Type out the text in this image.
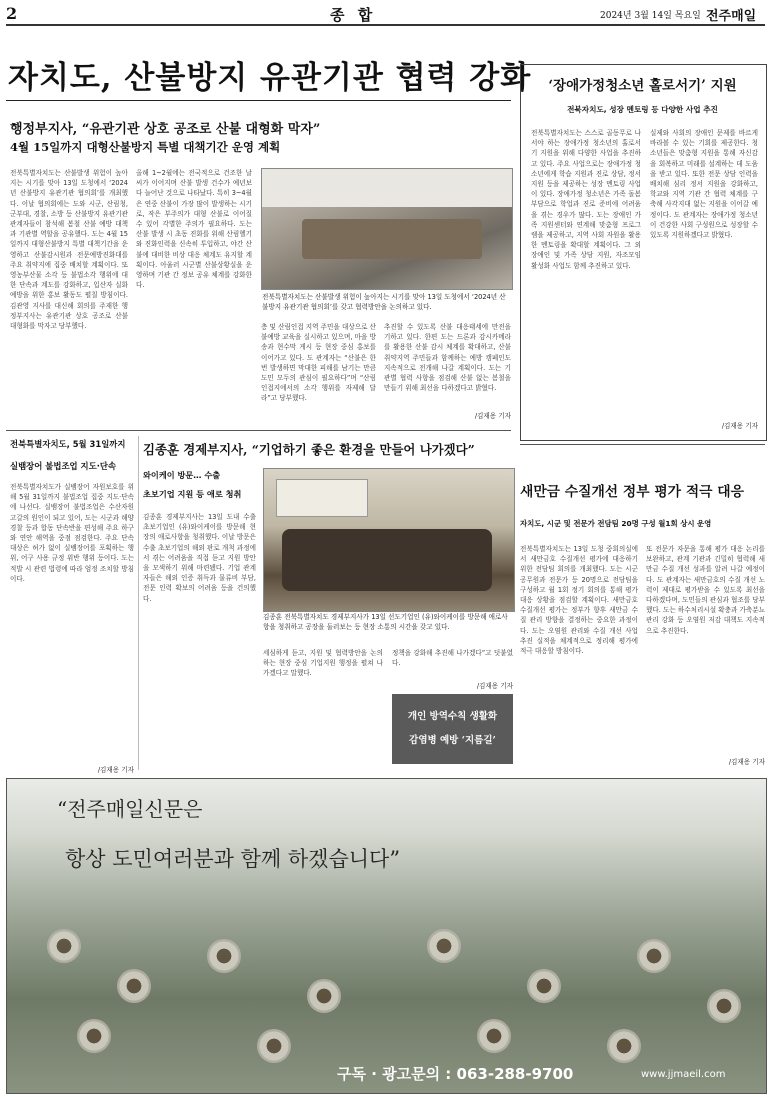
2	종 합	2024년 3월 14일 목요일 전주매일
자치도, 산불방지 유관기관 협력 강화
행정부지사, “유관기관 상호 공조로 산불 대형화 막자”
4월 15일까지 대형산불방지 특별 대책기간 운영 계획
전북특별자치도는 산불발생 위험이 높아지는 시기를 맞아 13일 도청에서 ‘2024년 산불방지 유관기관 협의회’를 개최했다. 이날 협의회에는 도와 시군, 산림청, 군부대, 경찰, 소방 등 산불방지 유관기관 관계자들이 참석해 봄철 산불 예방 대책과 기관별 역할을 공유했다. 도는 4월 15일까지 대형산불방지 특별 대책기간을 운영하고 산불감시원과 전문예방진화대를 주요 취약지에 집중 배치할 계획이다. 또 영농부산물 소각 등 불법소각 행위에 대한 단속과 계도를 강화하고, 입산자 실화 예방을 위한 홍보 활동도 펼칠 방침이다. 김관영 지사를 대신해 회의를 주재한 행정부지사는 유관기관 상호 공조로 산불 대형화를 막자고 당부했다.
올해 1~2월에는 전국적으로 건조한 날씨가 이어지며 산불 발생 건수가 예년보다 늘어난 것으로 나타났다. 특히 3~4월은 연중 산불이 가장 많이 발생하는 시기로, 작은 부주의가 대형 산불로 이어질 수 있어 각별한 주의가 필요하다. 도는 산불 발생 시 초동 진화를 위해 산림헬기와 진화인력을 신속히 투입하고, 야간 산불에 대비한 비상 대응 체계도 유지할 계획이다. 아울러 시군별 산불상황실을 운영하며 기관 간 정보 공유 체계를 강화한다.
전북특별자치도는 산불발생 위험이 높아지는 시기를 맞아 13일 도청에서 ‘2024년 산불방지 유관기관 협의회’를 갖고 협력방안을 논의하고 있다.
층 및 산림인접 지역 주민을 대상으로 산불예방 교육을 실시하고 있으며, 마을 방송과 현수막 게시 등 현장 중심 홍보를 이어가고 있다. 도 관계자는 “산불은 한 번 발생하면 막대한 피해를 남기는 만큼 도민 모두의 관심이 필요하다”며 “산림 인접지에서의 소각 행위를 자제해 달라”고 당부했다.
추진할 수 있도록 산불 대응태세에 만전을 기하고 있다. 한편 도는 드론과 감시카메라를 활용한 산불 감시 체계를 확대하고, 산불 취약지역 주민들과 함께하는 예방 캠페인도 지속적으로 전개해 나갈 계획이다. 도는 기관별 협력 사항을 점검해 산불 없는 봄철을 만들기 위해 최선을 다하겠다고 밝혔다.
/김재용 기자
‘장애가정청소년 홀로서기’ 지원
전북자치도, 성장 멘토링 등 다양한 사업 추진
전북특별자치도는 스스로 골동무로 나서야 하는 장애가정 청소년의 홀로서기 지원을 위해 다양한 사업을 추진하고 있다. 주요 사업으로는 장애가정 청소년에게 학습 지원과 진로 상담, 정서 지원 등을 제공하는 성장 멘토링 사업이 있다. 장애가정 청소년은 가족 돌봄 부담으로 학업과 진로 준비에 어려움을 겪는 경우가 많다. 도는 장애인 가족 지원센터와 연계해 맞춤형 프로그램을 제공하고, 지역 사회 자원을 활용한 멘토링을 확대할 계획이다. 그 외 장애인 및 가족 상담 지원, 자조모임 활성화 사업도 함께 추진하고 있다.
실제와 사회의 장애인 문제를 바르게 바라볼 수 있는 기회를 제공한다. 청소년들은 맞춤형 지원을 통해 자신감을 회복하고 미래를 설계하는 데 도움을 받고 있다. 또한 전문 상담 인력을 배치해 심리 정서 지원을 강화하고, 학교와 지역 기관 간 협력 체계를 구축해 사각지대 없는 지원을 이어갈 예정이다. 도 관계자는 장애가정 청소년이 건강한 사회 구성원으로 성장할 수 있도록 지원하겠다고 밝혔다.
/김재용 기자
전북특별자치도, 5월 31일까지
실뱀장어 불법조업 지도·단속
전북특별자치도가 실뱀장어 자원보호를 위해 5월 31일까지 불법조업 집중 지도·단속에 나선다. 실뱀장어 불법조업은 수산자원 고갈의 원인이 되고 있어, 도는 시군과 해양경찰 등과 합동 단속반을 편성해 주요 하구와 연안 해역을 중점 점검한다. 주요 단속 대상은 허가 없이 실뱀장어를 포획하는 행위, 어구 사용 규정 위반 행위 등이다. 도는 적발 시 관련 법령에 따라 엄정 조치할 방침이다.
/김재용 기자
김종훈 경제부지사, “기업하기 좋은 환경을 만들어 나가겠다”
와이케이 방문… 수출
초보기업 지원 등 애로 청취
김종훈 경제부지사는 13일 도내 수출 초보기업인 (유)와이케이를 방문해 현장의 애로사항을 청취했다. 이날 방문은 수출 초보기업의 해외 판로 개척 과정에서 겪는 어려움을 직접 듣고 지원 방안을 모색하기 위해 마련됐다. 기업 관계자들은 해외 인증 취득과 물류비 부담, 전문 인력 확보의 어려움 등을 건의했다.
김종훈 전북특별자치도 경제부지사가 13일 선도기업인 (유)와이케이를 방문해 애로사항을 청취하고 공장을 둘러보는 등 현장 소통의 시간을 갖고 있다.
세심하게 듣고, 지원 및 협력방안을 논의하는 현장 중심 기업지원 행정을 펼쳐 나가겠다고 말했다.
정책을 강화해 추진해 나가겠다”고 덧붙였다.
/김재용 기자
개인 방역수칙 생활화
감염병 예방 ‘지름길’
새만금 수질개선 정부 평가 적극 대응
자치도, 시군 및 전문가 전담팀 20명 구성 월1회 상시 운영
전북특별자치도는 13일 도청 중회의실에서 새만금호 수질개선 평가에 대응하기 위한 전담팀 회의를 개최했다. 도는 시군 공무원과 전문가 등 20명으로 전담팀을 구성하고 월 1회 정기 회의를 통해 평가 대응 상황을 점검할 계획이다. 새만금호 수질개선 평가는 정부가 향후 새만금 수질 관리 방향을 결정하는 중요한 과정이다. 도는 오염원 관리와 수질 개선 사업 추진 실적을 체계적으로 정리해 평가에 적극 대응할 방침이다.
또 전문가 자문을 통해 평가 대응 논리를 보완하고, 관계 기관과 긴밀히 협력해 새만금 수질 개선 성과를 알려 나갈 예정이다. 도 관계자는 새만금호의 수질 개선 노력이 제대로 평가받을 수 있도록 최선을 다하겠다며, 도민들의 관심과 협조를 당부했다. 도는 하수처리시설 확충과 가축분뇨 관리 강화 등 오염원 저감 대책도 지속적으로 추진한다.
/김재용 기자
“전주매일신문은
항상 도민여러분과 함께 하겠습니다”
구독 · 광고문의 : 063-288-9700	www.jjmaeil.com
